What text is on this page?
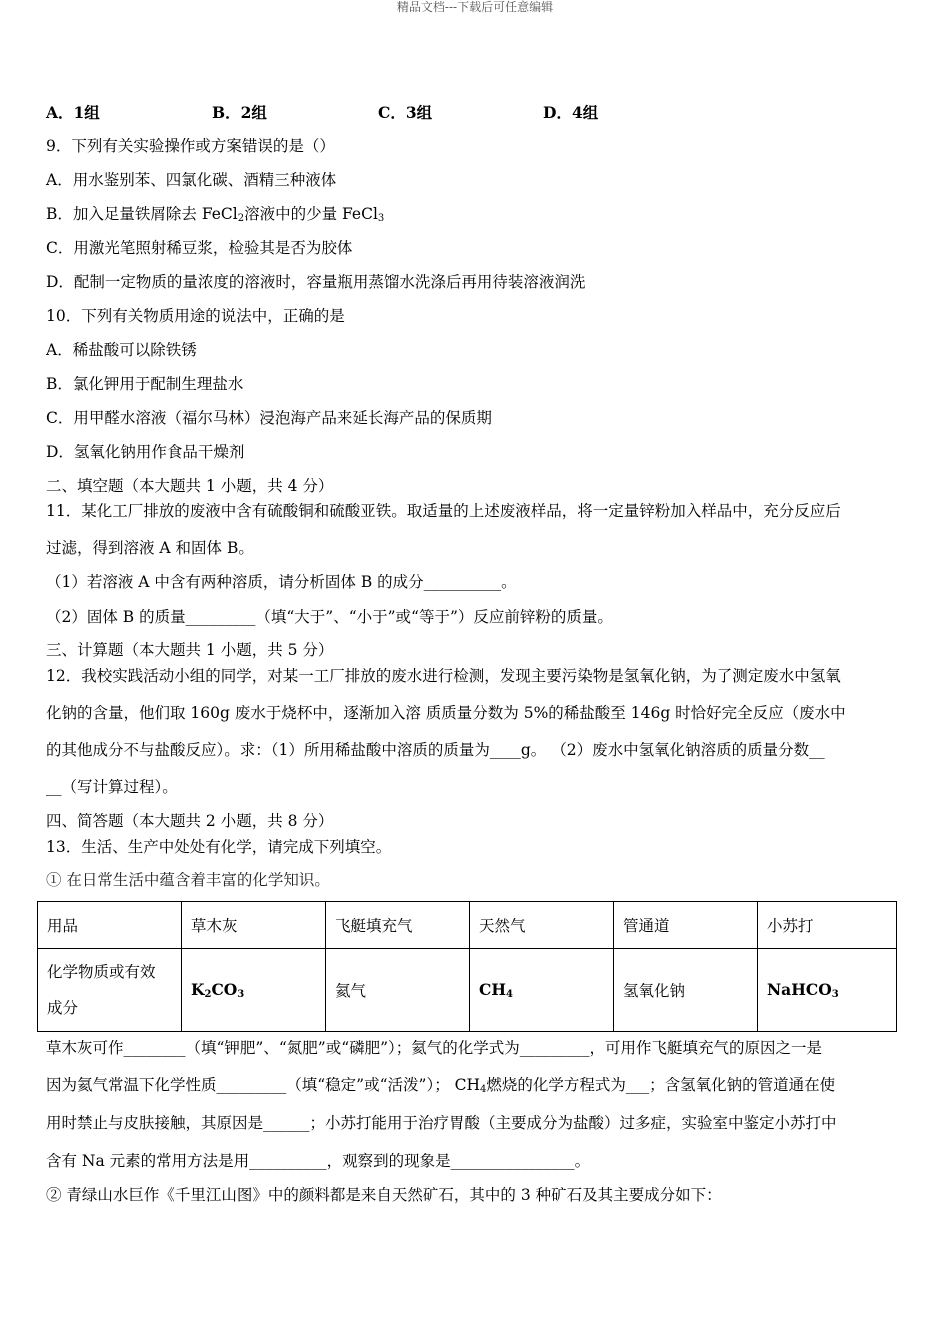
精品文档---下载后可任意编辑
A．1组	B．2组	C．3组	D．4组
9．下列有关实验操作或方案错误的是（）
A．用水鉴别苯、四氯化碳、酒精三种液体
B．加入足量铁屑除去 FeCl$_2$溶液中的少量 FeCl$_3$
C．用激光笔照射稀豆浆，检验其是否为胶体
D．配制一定物质的量浓度的溶液时，容量瓶用蒸馏水洗涤后再用待装溶液润洗
10．下列有关物质用途的说法中，正确的是
A．稀盐酸可以除铁锈
B．氯化钾用于配制生理盐水
C．用甲醛水溶液（福尔马林）浸泡海产品来延长海产品的保质期
D．氢氧化钠用作食品干燥剂
二、填空题（本大题共 1 小题，共 4 分）
11．某化工厂排放的废液中含有硫酸铜和硫酸亚铁。取适量的上述废液样品，将一定量锌粉加入样品中，充分反应后
过滤，得到溶液 A 和固体 B。
（1）若溶液 A 中含有两种溶质，请分析固体 B 的成分__________。
（2）固体 B 的质量_________（填“大于”、“小于”或“等于”）反应前锌粉的质量。
三、计算题（本大题共 1 小题，共 5 分）
12．我校实践活动小组的同学，对某一工厂排放的废水进行检测，发现主要污染物是氢氧化钠，为了测定废水中氢氧
化钠的含量，他们取 160g 废水于烧杯中，逐渐加入溶 质质量分数为 5%的稀盐酸至 146g 时恰好完全反应（废水中
的其他成分不与盐酸反应）。求：（1）所用稀盐酸中溶质的质量为____g。 （2）废水中氢氧化钠溶质的质量分数__
__（写计算过程）。
四、简答题（本大题共 2 小题，共 8 分）
13．生活、生产中处处有化学，请完成下列填空。
① 在日常生活中蕴含着丰富的化学知识。
用品	草木灰	飞艇填充气	天然气	管通道	小苏打

化学物质或有效
成分	$K_2CO_3$	氦气	$CH_4$	氢氧化钠	NaHCO$_3$
草木灰可作________（填“钾肥”、“氮肥”或“磷肥”）；氦气的化学式为_________，可用作飞艇填充气的原因之一是
因为氦气常温下化学性质_________（填“稳定”或“活泼”）； $CH_4$燃烧的化学方程式为___；含氢氧化钠的管道通在使
用时禁止与皮肤接触，其原因是______；小苏打能用于治疗胃酸（主要成分为盐酸）过多症，实验室中鉴定小苏打中
含有 Na 元素的常用方法是用__________，观察到的现象是________________。
② 青绿山水巨作《千里江山图》中的颜料都是来自天然矿石，其中的 3 种矿石及其主要成分如下：
